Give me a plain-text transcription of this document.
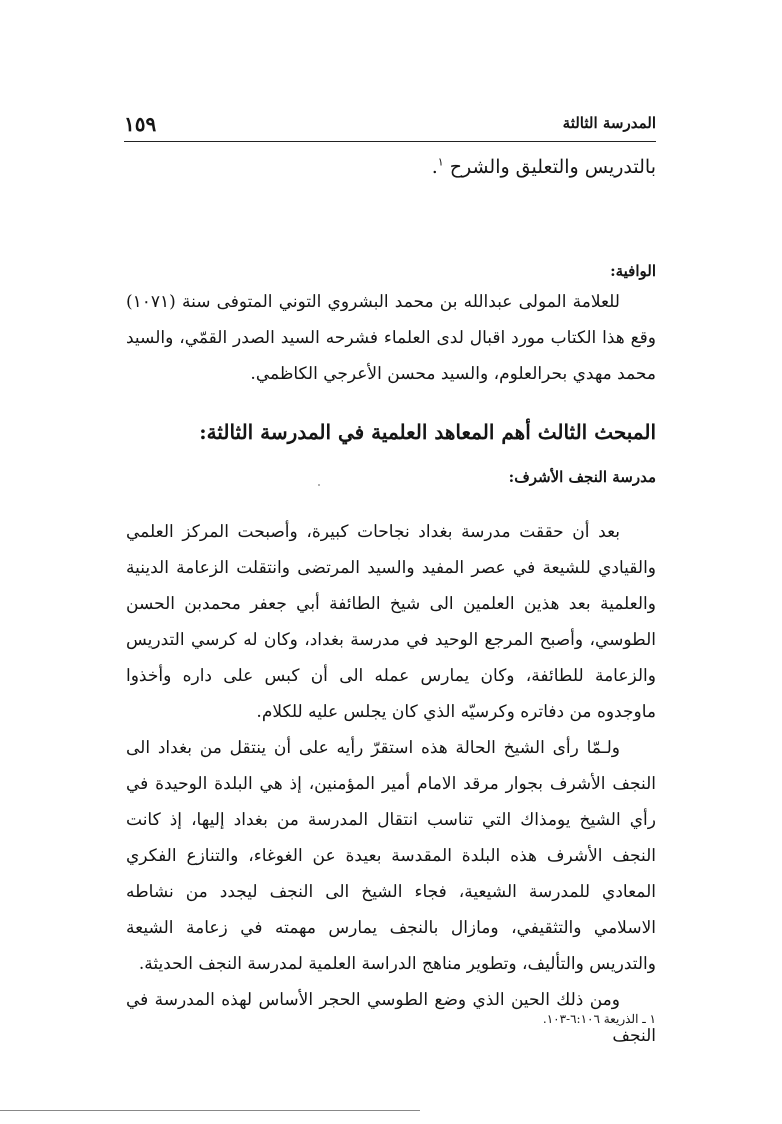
المدرسة الثالثة
١٥٩
بالتدريس والتعليق والشرح $^١$.
الوافية:

للعلامة المولى عبدالله بن محمد البشروي التوني المتوفى سنة (١٠٧١) وقع هذا الكتاب مورد اقبال لدى العلماء فشرحه السيد الصدر القمّي، والسيد محمد مهدي بحرالعلوم، والسيد محسن الأعرجي الكاظمي.

المبحث الثالث أهم المعاهد العلمية في المدرسة الثالثة:
مدرسة النجف الأشرف:

بعد أن حققت مدرسة بغداد نجاحات كبيرة، وأصبحت المركز العلمي والقيادي للشيعة في عصر المفيد والسيد المرتضى وانتقلت الزعامة الدينية والعلمية بعد هذين العلمين الى شيخ الطائفة أبي جعفر محمدبن الحسن الطوسي، وأصبح المرجع الوحيد في مدرسة بغداد، وكان له كرسي التدريس والزعامة للطائفة، وكان يمارس عمله الى أن كبس على داره وأخذوا ماوجدوه من دفاتره وكرسيّه الذي كان يجلس عليه للكلام.

ولـمّا رأى الشيخ الحالة هذه استقرّ رأيه على أن ينتقل من بغداد الى النجف الأشرف بجوار مرقد الامام أمير المؤمنين، إذ هي البلدة الوحيدة في رأي الشيخ يومذاك التي تناسب انتقال المدرسة من بغداد إليها، إذ كانت النجف الأشرف هذه البلدة المقدسة بعيدة عن الغوغاء، والتنازع الفكري المعادي للمدرسة الشيعية، فجاء الشيخ الى النجف ليجدد من نشاطه الاسلامي والتثقيفي، ومازال بالنجف يمارس مهمته في زعامة الشيعة والتدريس والتأليف، وتطوير مناهج الدراسة العلمية لمدرسة النجف الحديثة.

ومن ذلك الحين الذي وضع الطوسي الحجر الأساس لهذه المدرسة في النجف

١ ـ الذريعة ٦:١٠٦-١٠٣.
